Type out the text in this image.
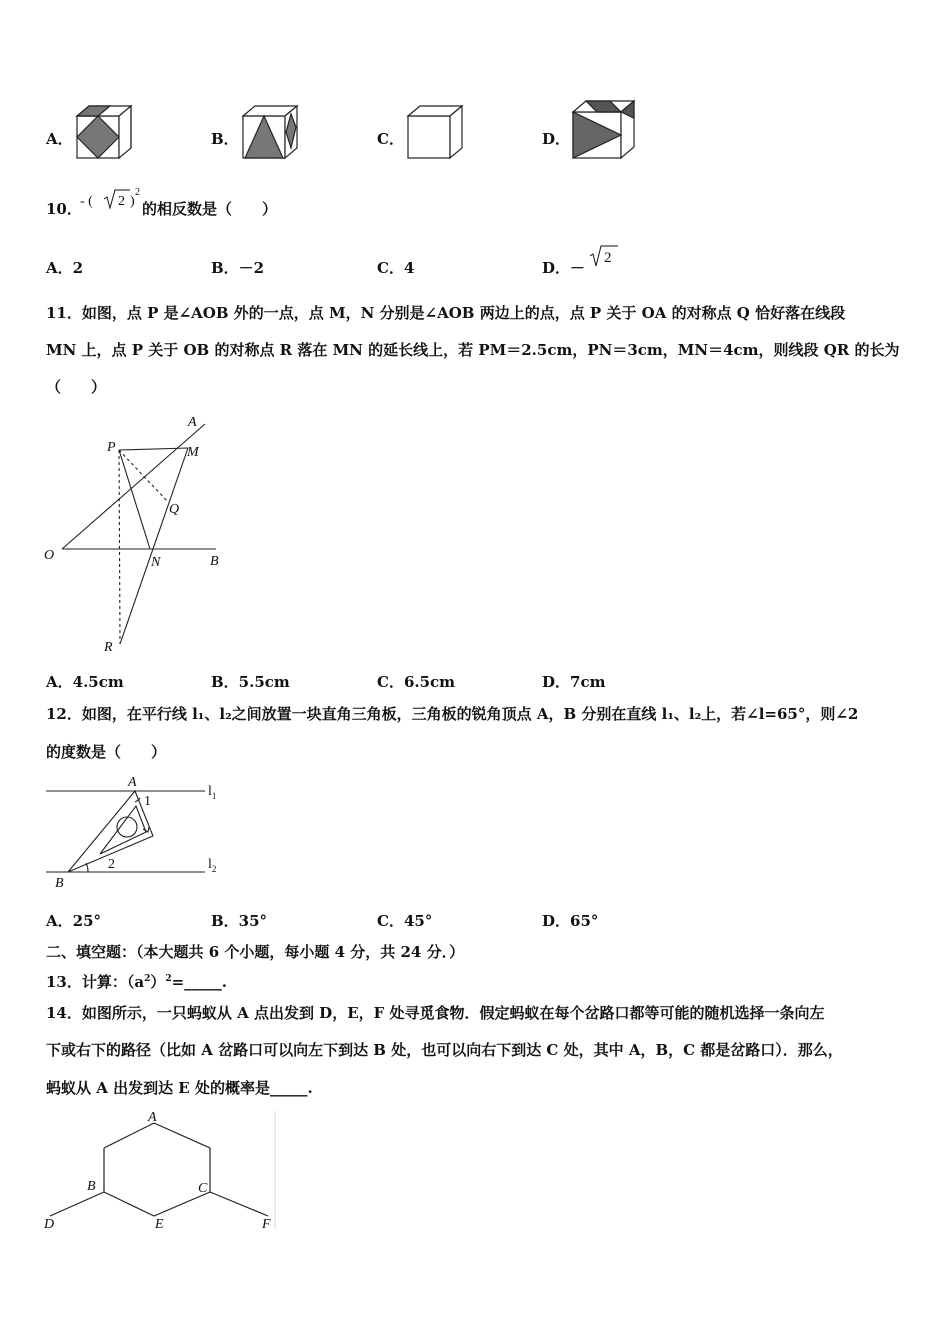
A．	B．	C．	D．
10．
- ( 2 )
2
的相反数是（　　）
A．2	B．－2	C．4	D．－
2
11．如图，点 P 是∠AOB 外的一点，点 M，N 分别是∠AOB 两边上的点，点 P 关于 OA 的对称点 Q 恰好落在线段
MN 上，点 P 关于 OB 的对称点 R 落在 MN 的延长线上，若 PM＝2.5cm，PN＝3cm，MN＝4cm，则线段 QR 的长为
（　　）
A
M
P
Q
O	N	B
R
A．4.5cm	B．5.5cm	C．6.5cm	D．7cm
12．如图，在平行线 l₁、l₂之间放置一块直角三角板，三角板的锐角顶点 A，B 分别在直线 l₁、l₂上，若∠l=65°，则∠2
的度数是（　　）
A
1
2
B
$l_1$
$l_2$
A．25°	B．35°	C．45°	D．65°
二、填空题：（本大题共 6 个小题，每小题 4 分，共 24 分．）
13．计算：$(a^2)^2=\_\_\_\_\_$.
14．如图所示，一只蚂蚁从 A 点出发到 D，E，F 处寻觅食物．假定蚂蚁在每个岔路口都等可能的随机选择一条向左
下或右下的路径（比如 A 岔路口可以向左下到达 B 处，也可以向右下到达 C 处，其中 A，B，C 都是岔路口）．那么，
蚂蚁从 A 出发到达 E 处的概率是_____.
A
B	C
D	E	F
